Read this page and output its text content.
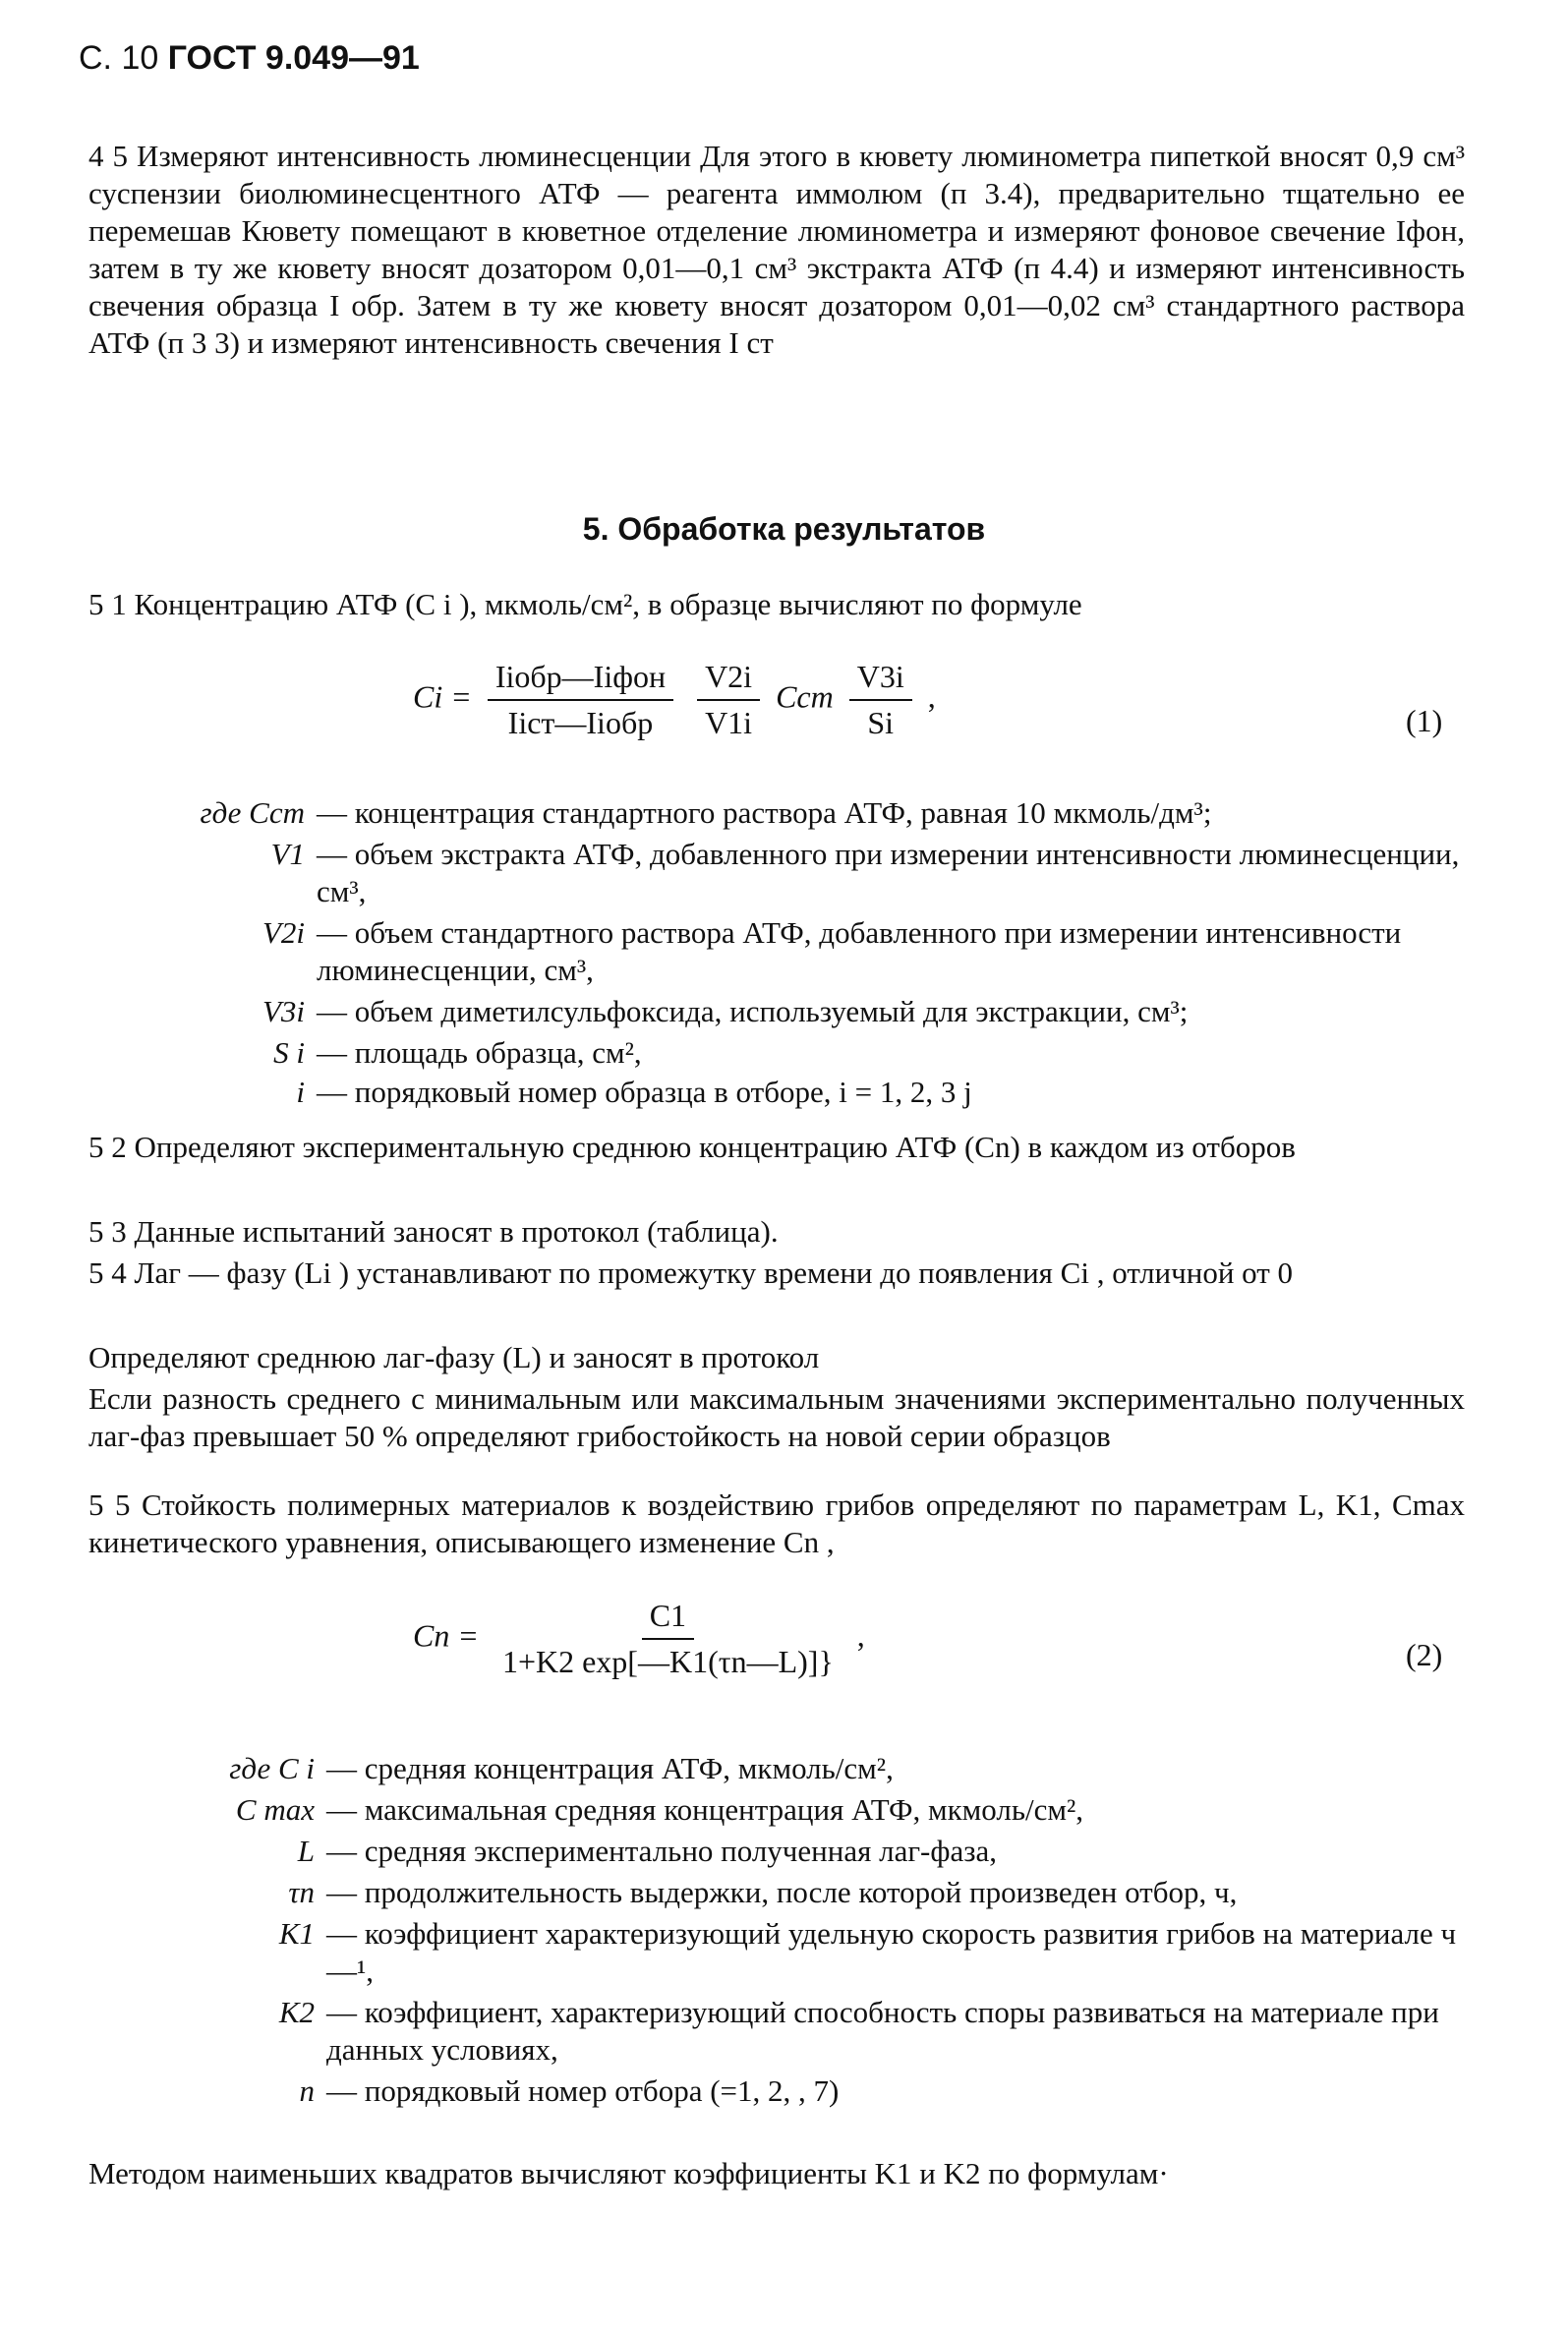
С. 10 ГОСТ 9.049—91
4 5 Измеряют интенсивность люминесценции Для этого в кювету люминометра пипеткой вносят 0,9 см³ суспензии биолюминесцентного АТФ — реагента иммолюм (п 3.4), предварительно тщательно ее перемешав Кювету помещают в кюветное отделение люминометра и измеряют фоновое свечение Iфон, затем в ту же кювету вносят дозатором 0,01—0,1 см³ экстракта АТФ (п 4.4) и измеряют интенсивность свечения образца I обр. Затем в ту же кювету вносят дозатором 0,01—0,02 см³ стандартного раствора АТФ (п 3 3) и измеряют интенсивность свечения I ст
5. Обработка результатов
5 1 Концентрацию АТФ (C i ), мкмоль/см², в образце вычисляют по формуле
$Ci = \frac{\text{Iiобр—Iiфон}}{\text{Iiст—Iiобр}}$
$\frac{V2i}{V1i}$ Cст $\frac{V3i}{Si}$ ,
(1)
где Cст — концентрация стандартного раствора АТФ, равная 10 мкмоль/дм³;
V1 — объем экстракта АТФ, добавленного при измерении интенсивности люминесценции, см³,
V2i — объем стандартного раствора АТФ, добавленного при измерении интенсивности люминесценции, см³,
V3i — объем диметилсульфоксида, используемый для экстракции, см³;
S i — площадь образца, см²,
i — порядковый номер образца в отборе, i = 1, 2, 3 ј
5 2 Определяют экспериментальную среднюю концентрацию АТФ (Cn) в каждом из отборов
5 3 Данные испытаний заносят в протокол (таблица).
5 4 Лаг — фазу (Li ) устанавливают по промежутку времени до появления Ci , отличной от 0
Определяют среднюю лаг-фазу (L) и заносят в протокол
Если разность среднего с минимальным или максимальным значениями экспериментально полученных лаг-фаз превышает 50 % определяют грибостойкость на новой серии образцов
5 5 Стойкость полимерных материалов к воздействию грибов определяют по параметрам L, K1, Cmax кинетического уравнения, описывающего изменение Cn ,
$Cn = \frac{C1}{1+K2 \exp[—K1(\tau n—L)]\}}$ ,
(2)
где C i — средняя концентрация АТФ, мкмоль/см²,
C max — максимальная средняя концентрация АТФ, мкмоль/см²,
L — средняя экспериментально полученная лаг-фаза,
τn — продолжительность выдержки, после которой произведен отбор, ч,
K1 — коэффициент характеризующий удельную скорость развития грибов на материале ч—¹,
K2 — коэффициент, характеризующий способность споры развиваться на материале при данных условиях,
n — порядковый номер отбора (=1, 2, , 7)
Методом наименьших квадратов вычисляют коэффициенты K1 и K2 по формулам·
